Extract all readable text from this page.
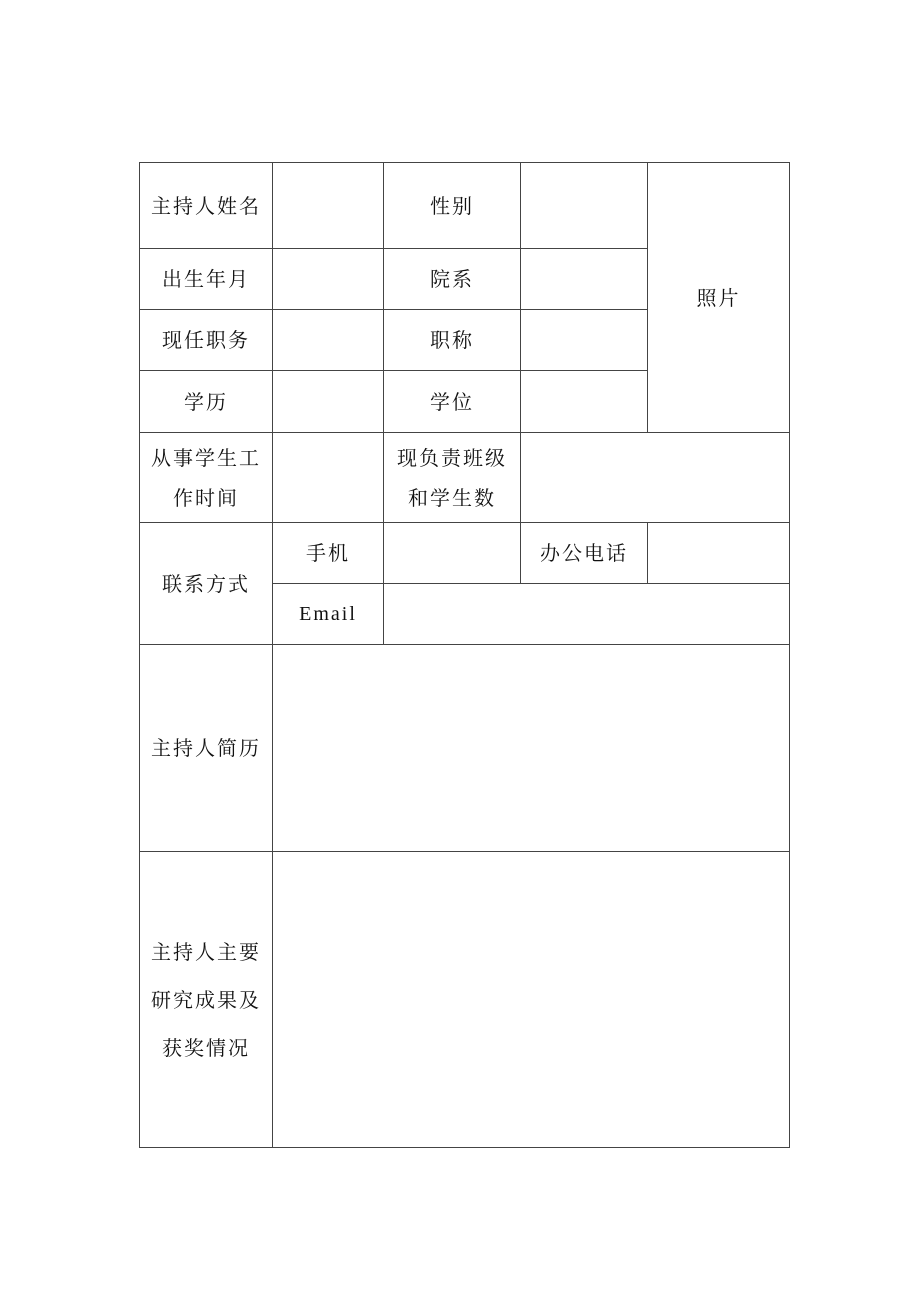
主持人姓名		性别		照片
出生年月		院系		
现任职务		职称		
学历		学位		

从事学生工
作时间		现负责班级
和学生数		

联系方式	手机		办公电话	
	Email			
主持人简历				

主持人主要
研究成果及
获奖情况				
